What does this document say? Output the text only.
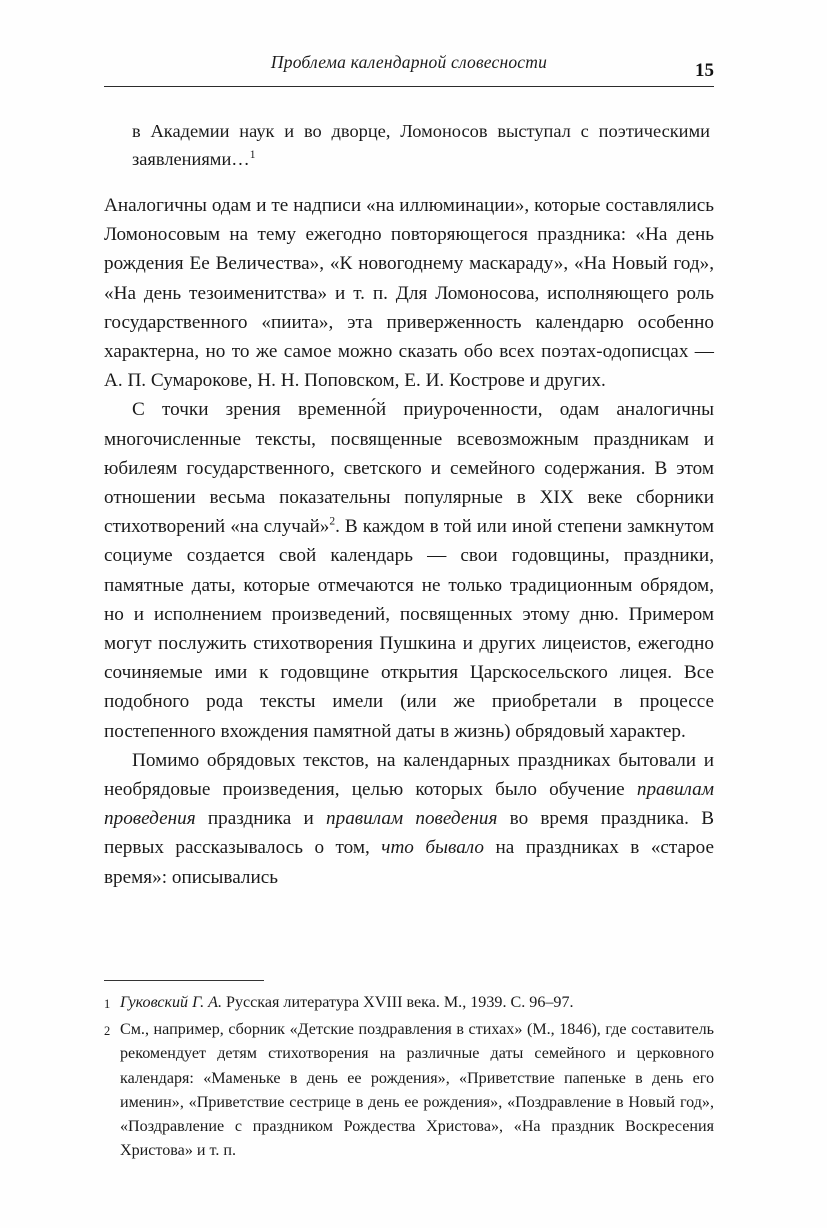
Проблема календарной словесности	15

в Академии наук и во дворце, Ломоносов выступал с поэтическими заявлениями…$^1$

Аналогичны одам и те надписи «на иллюминации», которые составлялись Ломоносовым на тему ежегодно повторяющегося праздника: «На день рождения Ее Величества», «К новогоднему маскараду», «На Новый год», «На день тезоименитства» и т. п. Для Ломоносова, исполняющего роль государственного «пиита», эта приверженность календарю особенно характерна, но то же самое можно сказать обо всех поэтах-одописцах — А. П. Сумарокове, Н. Н. Поповском, Е. И. Кострове и других.

С точки зрения временно́й приуроченности, одам аналогичны многочисленные тексты, посвященные всевозможным праздникам и юбилеям государственного, светского и семейного содержания. В этом отношении весьма показательны популярные в XIX веке сборники стихотворений «на случай»$^2$. В каждом в той или иной степени замкнутом социуме создается свой календарь — свои годовщины, праздники, памятные даты, которые отмечаются не только традиционным обрядом, но и исполнением произведений, посвященных этому дню. Примером могут послужить стихотворения Пушкина и других лицеистов, ежегодно сочиняемые ими к годовщине открытия Царскосельского лицея. Все подобного рода тексты имели (или же приобретали в процессе постепенного вхождения памятной даты в жизнь) обрядовый характер.

Помимо обрядовых текстов, на календарных праздниках бытовали и необрядовые произведения, целью которых было обучение правилам проведения праздника и правилам поведения во время праздника. В первых рассказывалось о том, что бывало на праздниках в «старое время»: описывались

1 Гуковский Г. А. Русская литература XVIII века. М., 1939. С. 96–97.
2 См., например, сборник «Детские поздравления в стихах» (М., 1846), где составитель рекомендует детям стихотворения на различные даты семейного и церковного календаря: «Маменьке в день ее рождения», «Приветствие папеньке в день его именин», «Приветствие сестрице в день ее рождения», «Поздравление в Новый год», «Поздравление с праздником Рождества Христова», «На праздник Воскресения Христова» и т. п.
